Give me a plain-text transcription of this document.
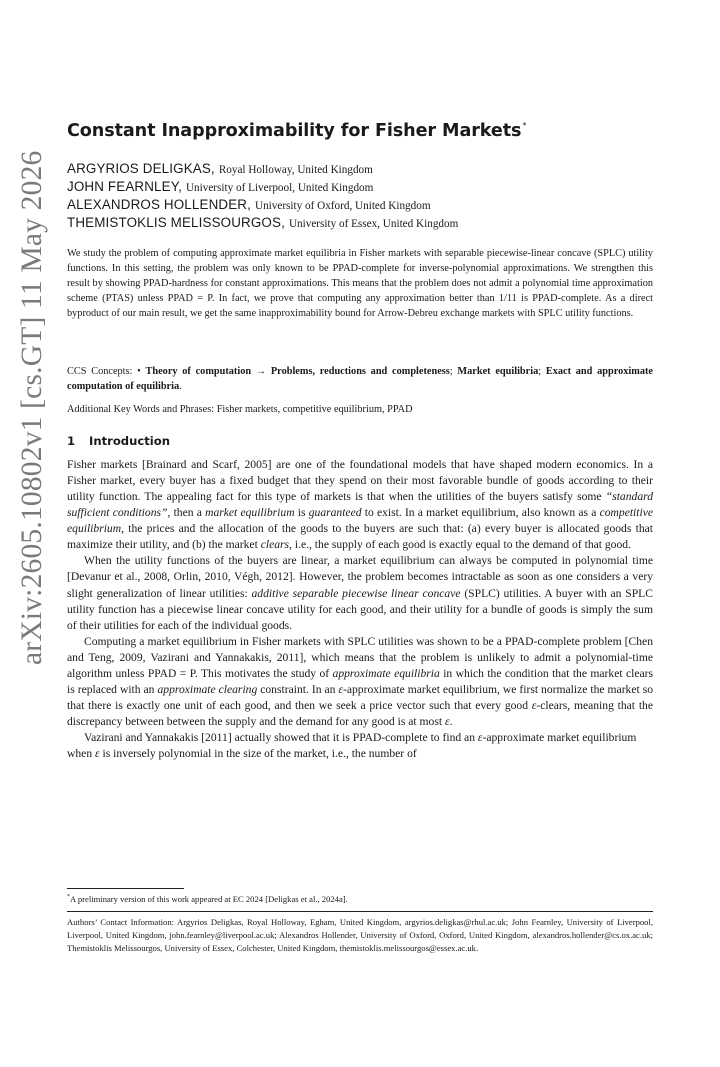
arXiv:2605.10802v1 [cs.GT] 11 May 2026
Constant Inapproximability for Fisher Markets*
ARGYRIOS DELIGKAS, Royal Holloway, United Kingdom
JOHN FEARNLEY, University of Liverpool, United Kingdom
ALEXANDROS HOLLENDER, University of Oxford, United Kingdom
THEMISTOKLIS MELISSOURGOS, University of Essex, United Kingdom
We study the problem of computing approximate market equilibria in Fisher markets with separable piecewise-linear concave (SPLC) utility functions. In this setting, the problem was only known to be PPAD-complete for inverse-polynomial approximations. We strengthen this result by showing PPAD-hardness for constant approximations. This means that the problem does not admit a polynomial time approximation scheme (PTAS) unless PPAD = P. In fact, we prove that computing any approximation better than 1/11 is PPAD-complete. As a direct byproduct of our main result, we get the same inapproximability bound for Arrow-Debreu exchange markets with SPLC utility functions.
CCS Concepts: • Theory of computation → Problems, reductions and completeness; Market equilibria; Exact and approximate computation of equilibria.
Additional Key Words and Phrases: Fisher markets, competitive equilibrium, PPAD
1 Introduction

Fisher markets [Brainard and Scarf, 2005] are one of the foundational models that have shaped modern economics. In a Fisher market, every buyer has a fixed budget that they spend on their most favorable bundle of goods according to their utility function. The appealing fact for this type of markets is that when the utilities of the buyers satisfy some “standard sufficient conditions”, then a market equilibrium is guaranteed to exist. In a market equilibrium, also known as a competitive equilibrium, the prices and the allocation of the goods to the buyers are such that: (a) every buyer is allocated goods that maximize their utility, and (b) the market clears, i.e., the supply of each good is exactly equal to the demand of that good.

When the utility functions of the buyers are linear, a market equilibrium can always be computed in polynomial time [Devanur et al., 2008, Orlin, 2010, Végh, 2012]. However, the problem becomes intractable as soon as one considers a very slight generalization of linear utilities: additive separable piecewise linear concave (SPLC) utilities. A buyer with an SPLC utility function has a piecewise linear concave utility for each good, and their utility for a bundle of goods is simply the sum of their utilities for each of the individual goods.

Computing a market equilibrium in Fisher markets with SPLC utilities was shown to be a PPAD-complete problem [Chen and Teng, 2009, Vazirani and Yannakakis, 2011], which means that the problem is unlikely to admit a polynomial-time algorithm unless PPAD = P. This motivates the study of approximate equilibria in which the condition that the market clears is replaced with an approximate clearing constraint. In an ε-approximate market equilibrium, we first normalize the market so that there is exactly one unit of each good, and then we seek a price vector such that every good ε-clears, meaning that the discrepancy between between the supply and the demand for any good is at most ε.

Vazirani and Yannakakis [2011] actually showed that it is PPAD-complete to find an ε-approximate market equilibrium when ε is inversely polynomial in the size of the market, i.e., the number of

*A preliminary version of this work appeared at EC 2024 [Deligkas et al., 2024a].
Authors’ Contact Information: Argyrios Deligkas, Royal Holloway, Egham, United Kingdom, argyrios.deligkas@rhul.ac.uk; John Fearnley, University of Liverpool, Liverpool, United Kingdom, john.fearnley@liverpool.ac.uk; Alexandros Hollender, University of Oxford, Oxford, United Kingdom, alexandros.hollender@cs.ox.ac.uk; Themistoklis Melissourgos, University of Essex, Colchester, United Kingdom, themistoklis.melissourgos@essex.ac.uk.
